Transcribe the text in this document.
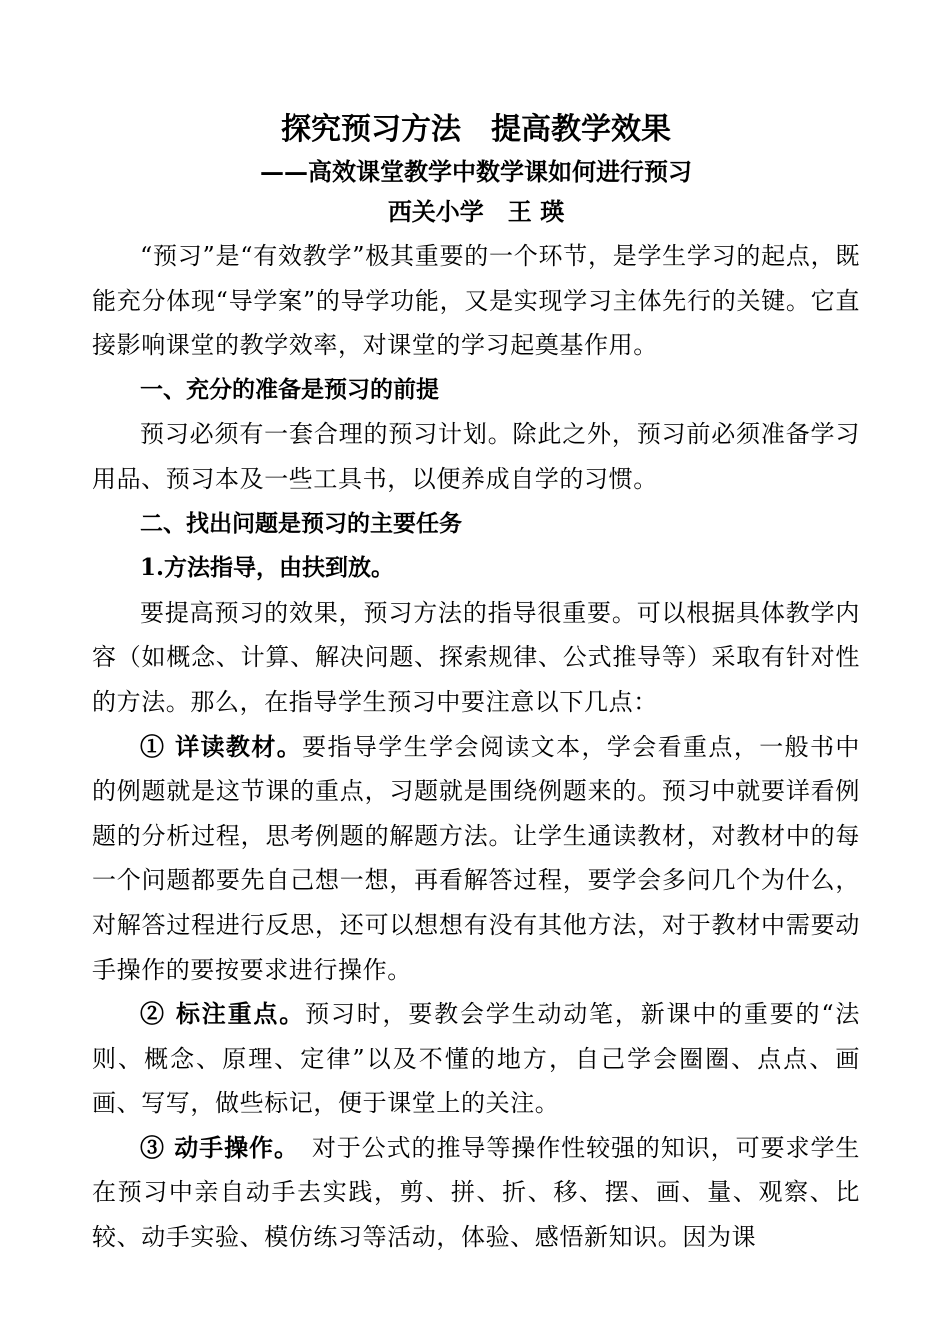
探究预习方法　提高教学效果

——高效课堂教学中数学课如何进行预习

西关小学　王 瑛

“预习”是“有效教学”极其重要的一个环节，是学生学习的起点，既能充分体现“导学案”的导学功能，又是实现学习主体先行的关键。它直接影响课堂的教学效率，对课堂的学习起奠基作用。

一、充分的准备是预习的前提

预习必须有一套合理的预习计划。除此之外，预习前必须准备学习用品、预习本及一些工具书，以便养成自学的习惯。

二、找出问题是预习的主要任务

1.方法指导，由扶到放。

要提高预习的效果，预习方法的指导很重要。可以根据具体教学内容（如概念、计算、解决问题、探索规律、公式推导等）采取有针对性的方法。那么，在指导学生预习中要注意以下几点：

① 详读教材。要指导学生学会阅读文本，学会看重点，一般书中的例题就是这节课的重点，习题就是围绕例题来的。预习中就要详看例题的分析过程，思考例题的解题方法。让学生通读教材，对教材中的每一个问题都要先自己想一想，再看解答过程，要学会多问几个为什么，对解答过程进行反思，还可以想想有没有其他方法，对于教材中需要动手操作的要按要求进行操作。

② 标注重点。预习时，要教会学生动动笔，新课中的重要的“法则、概念、原理、定律”以及不懂的地方，自己学会圈圈、点点、画画、写写，做些标记，便于课堂上的关注。

③ 动手操作。　对于公式的推导等操作性较强的知识，可要求学生在预习中亲自动手去实践，剪、拼、折、移、摆、画、量、观察、比较、动手实验、模仿练习等活动，体验、感悟新知识。因为课
